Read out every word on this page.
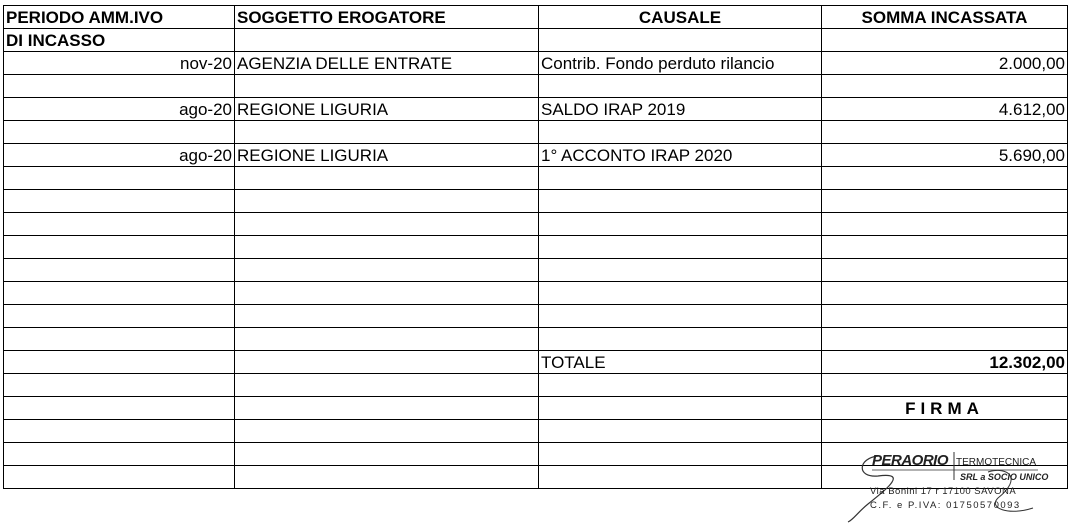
PERIODO AMM.IVO	SOGGETTO EROGATORE	CAUSALE	SOMMA INCASSATA
DI INCASSO			
nov-20	AGENZIA DELLE ENTRATE	Contrib. Fondo perduto rilancio	2.000,00

ago-20	REGIONE LIGURIA	SALDO IRAP 2019	4.612,00

ago-20	REGIONE LIGURIA	1° ACCONTO IRAP 2020	5.690,00

		TOTALE	12.302,00

			FIRMA

PERAORIO TERMOTECNICA
SRL a SOCIO UNICO
Via Bonini 17 r 17100 SAVONA
C.F. e P.IVA: 01750570093
